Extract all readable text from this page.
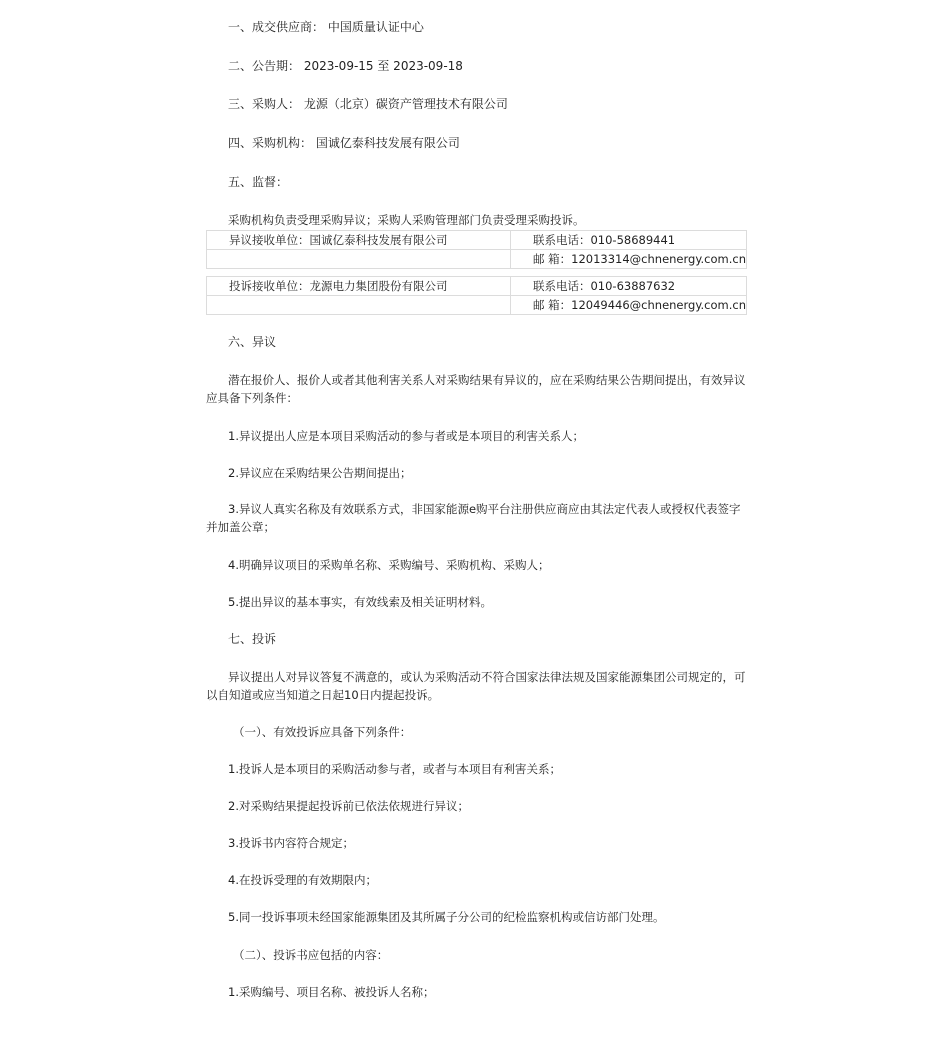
一、成交供应商： 中国质量认证中心
二、公告期： 2023-09-15 至 2023-09-18
三、采购人： 龙源（北京）碳资产管理技术有限公司
四、采购机构： 国诚亿泰科技发展有限公司
五、监督：
采购机构负责受理采购异议；采购人采购管理部门负责受理采购投诉。
异议接收单位：国诚亿泰科技发展有限公司	联系电话：010-58689441
	邮 箱：12013314@chnenergy.com.cn
投诉接收单位：龙源电力集团股份有限公司	联系电话：010-63887632
	邮 箱：12049446@chnenergy.com.cn
六、异议
潜在报价人、报价人或者其他利害关系人对采购结果有异议的，应在采购结果公告期间提出，有效异议应具备下列条件：
1.异议提出人应是本项目采购活动的参与者或是本项目的利害关系人；
2.异议应在采购结果公告期间提出；
3.异议人真实名称及有效联系方式，非国家能源e购平台注册供应商应由其法定代表人或授权代表签字并加盖公章；
4.明确异议项目的采购单名称、采购编号、采购机构、采购人；
5.提出异议的基本事实，有效线索及相关证明材料。
七、投诉
异议提出人对异议答复不满意的，或认为采购活动不符合国家法律法规及国家能源集团公司规定的，可以自知道或应当知道之日起10日内提起投诉。
（一）、有效投诉应具备下列条件：
1.投诉人是本项目的采购活动参与者，或者与本项目有利害关系；
2.对采购结果提起投诉前已依法依规进行异议；
3.投诉书内容符合规定；
4.在投诉受理的有效期限内；
5.同一投诉事项未经国家能源集团及其所属子分公司的纪检监察机构或信访部门处理。
（二）、投诉书应包括的内容：
1.采购编号、项目名称、被投诉人名称；
